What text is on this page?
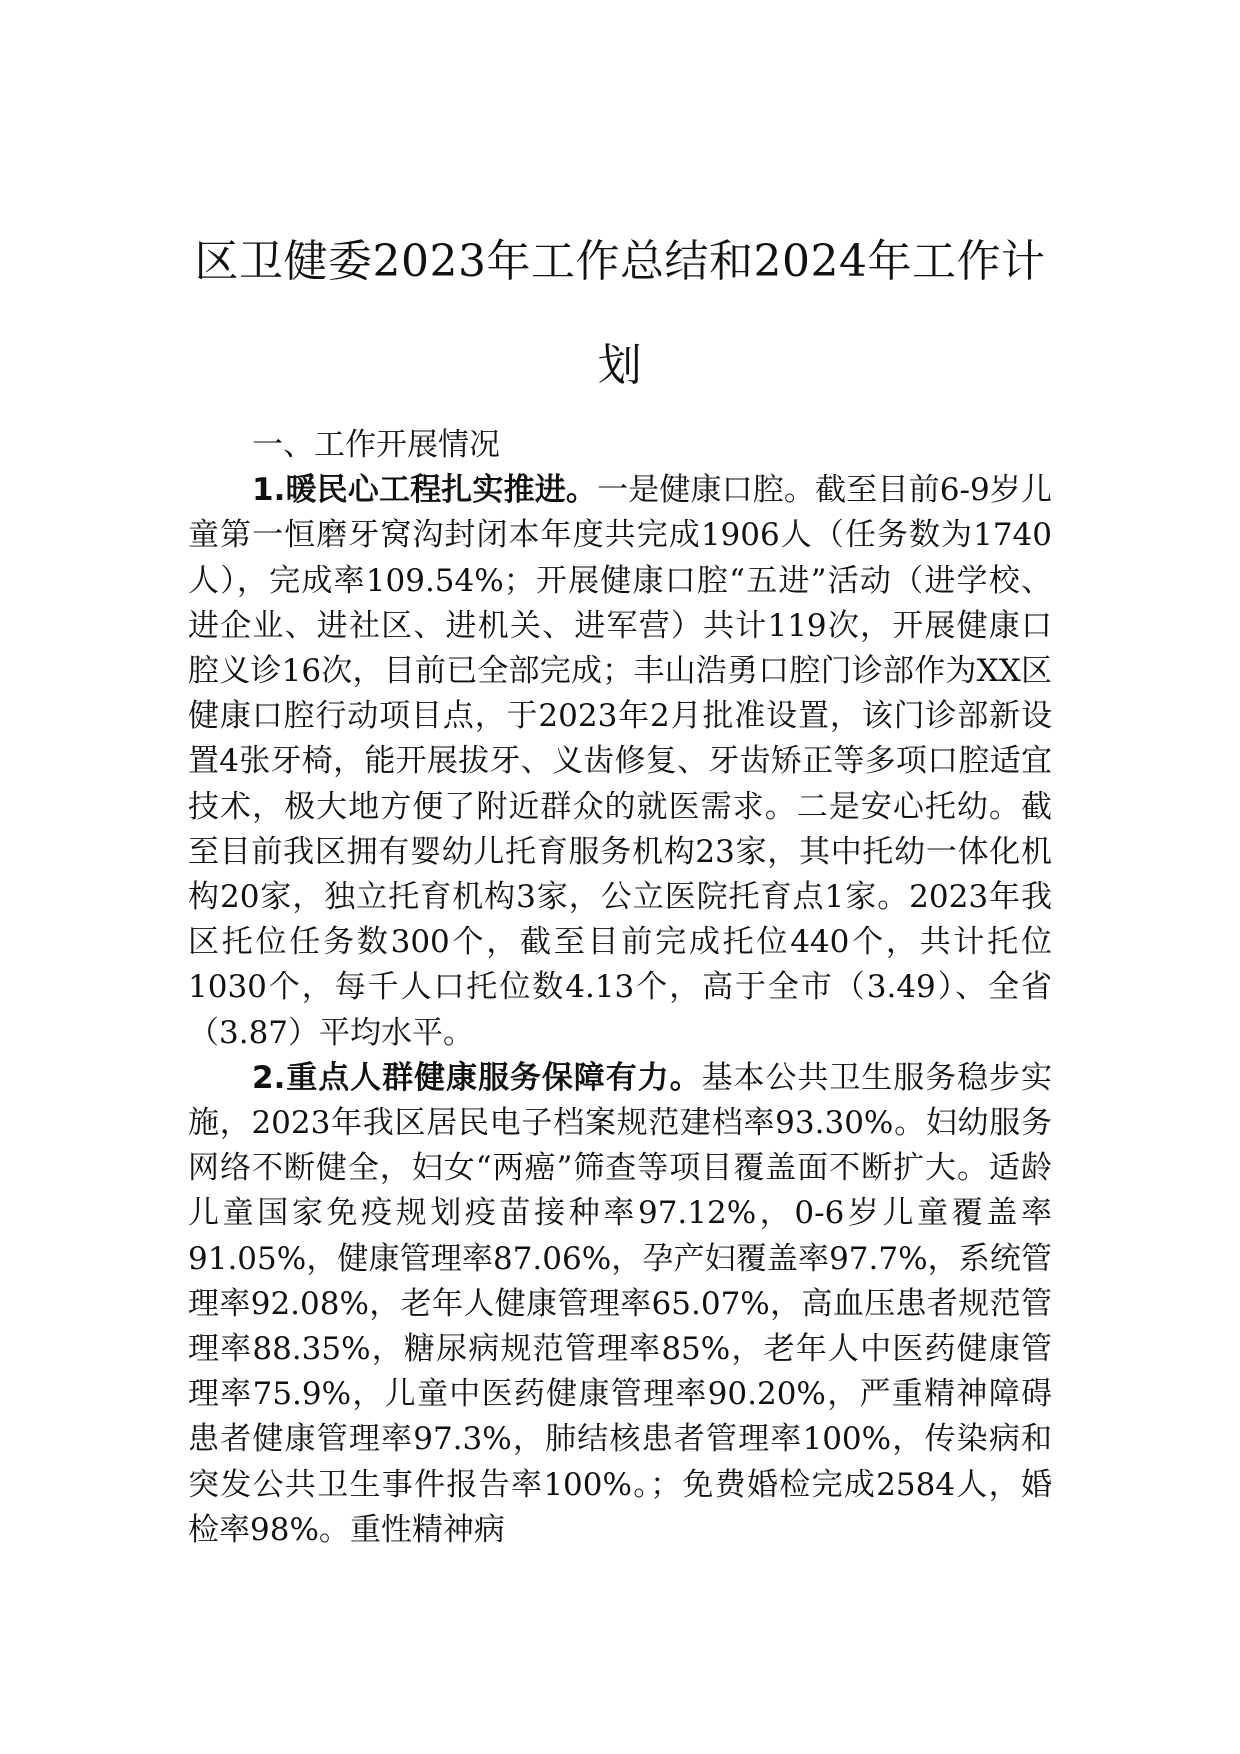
区卫健委2023年工作总结和2024年工作计
划

一、工作开展情况

1.暖民心工程扎实推进。一是健康口腔。截至目前6-9岁儿童第一恒磨牙窝沟封闭本年度共完成1906人（任务数为1740人），完成率109.54%；开展健康口腔“五进”活动（进学校、进企业、进社区、进机关、进军营）共计119次，开展健康口腔义诊16次，目前已全部完成；丰山浩勇口腔门诊部作为XX区健康口腔行动项目点，于2023年2月批准设置，该门诊部新设置4张牙椅，能开展拔牙、义齿修复、牙齿矫正等多项口腔适宜技术，极大地方便了附近群众的就医需求。二是安心托幼。截至目前我区拥有婴幼儿托育服务机构23家，其中托幼一体化机构20家，独立托育机构3家，公立医院托育点1家。2023年我区托位任务数300个，截至目前完成托位440个，共计托位1030个，每千人口托位数4.13个，高于全市（3.49）、全省（3.87）平均水平。

2.重点人群健康服务保障有力。基本公共卫生服务稳步实施，2023年我区居民电子档案规范建档率93.30%。妇幼服务网络不断健全，妇女“两癌”筛查等项目覆盖面不断扩大。适龄儿童国家免疫规划疫苗接种率97.12%，0-6岁儿童覆盖率91.05%，健康管理率87.06%，孕产妇覆盖率97.7%，系统管理率92.08%，老年人健康管理率65.07%，高血压患者规范管理率88.35%，糖尿病规范管理率85%，老年人中医药健康管理率75.9%，儿童中医药健康管理率90.20%，严重精神障碍患者健康管理率97.3%，肺结核患者管理率100%，传染病和突发公共卫生事件报告率100%。；免费婚检完成2584人，婚检率98%。重性精神病
